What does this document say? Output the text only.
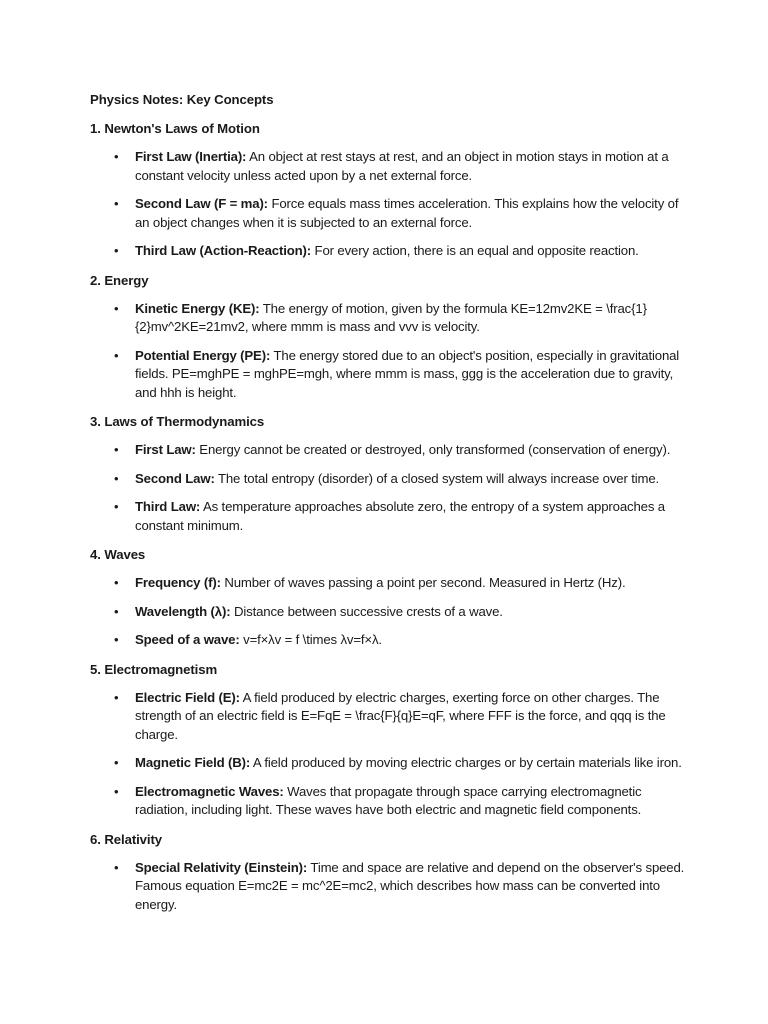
Physics Notes: Key Concepts

1. Newton's Laws of Motion

• First Law (Inertia): An object at rest stays at rest, and an object in motion stays in motion at a constant velocity unless acted upon by a net external force.
• Second Law (F = ma): Force equals mass times acceleration. This explains how the velocity of an object changes when it is subjected to an external force.
• Third Law (Action-Reaction): For every action, there is an equal and opposite reaction.

2. Energy

• Kinetic Energy (KE): The energy of motion, given by the formula KE=12mv2KE = \frac{1}{2}mv^2KE=21mv2, where mmm is mass and vvv is velocity.
• Potential Energy (PE): The energy stored due to an object's position, especially in gravitational fields. PE=mghPE = mghPE=mgh, where mmm is mass, ggg is the acceleration due to gravity, and hhh is height.

3. Laws of Thermodynamics

• First Law: Energy cannot be created or destroyed, only transformed (conservation of energy).
• Second Law: The total entropy (disorder) of a closed system will always increase over time.
• Third Law: As temperature approaches absolute zero, the entropy of a system approaches a constant minimum.

4. Waves

• Frequency (f): Number of waves passing a point per second. Measured in Hertz (Hz).
• Wavelength (λ): Distance between successive crests of a wave.
• Speed of a wave: v=f×λv = f \times λv=f×λ.

5. Electromagnetism

• Electric Field (E): A field produced by electric charges, exerting force on other charges. The strength of an electric field is E=FqE = \frac{F}{q}E=qF, where FFF is the force, and qqq is the charge.
• Magnetic Field (B): A field produced by moving electric charges or by certain materials like iron.
• Electromagnetic Waves: Waves that propagate through space carrying electromagnetic radiation, including light. These waves have both electric and magnetic field components.

6. Relativity

• Special Relativity (Einstein): Time and space are relative and depend on the observer's speed. Famous equation E=mc2E = mc^2E=mc2, which describes how mass can be converted into energy.
